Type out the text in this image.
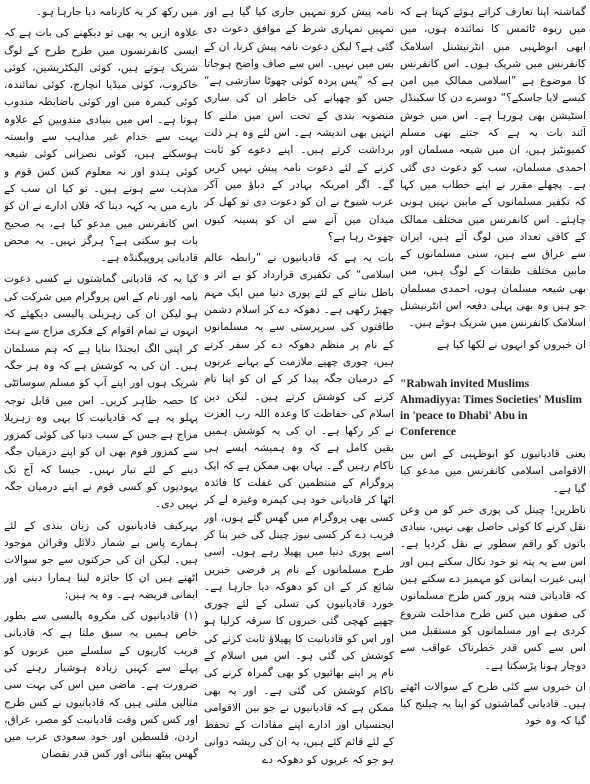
گماشتہ اپنا تعارف کراتے ہوئے کہتا ہے کہ میں ربوہ ٹائمس کا نمائندہ ہوں، میں ابھی ابوظہبی میں انٹرنیشنل اسلامک کانفرنس میں شریک ہوں۔ اس کانفرنس کا موضوع ہے ”اسلامی ممالک میں امن کیسے لایا جاسکے؟“ دوسرے دن کا سکینڈل اسٹیشن بھی ہورہا ہے۔ اس میں خوش آئند بات یہ ہے کہ جتنے بھی مسلم کمیونٹیز ہیں، ان میں شیعہ مسلمان اور احمدی مسلمان، سب کو دعوت دی گئی ہے۔ پچھلے مقرر نے اپنے خطاب میں کہا کہ تکفیر مسلمانوں کے مابین نہیں ہونی چاہئے۔ اس کانفرنس میں مختلف ممالک کے کافی تعداد میں لوگ آئے ہیں، ایران سے عراق سے ہیں، سنی مسلمانوں کے مابین مختلف طبقات کے لوگ ہیں، میں بھی شیعہ مسلمان ہوں، احمدی مسلمان جو ہیں وہ بھی پہلی دفعہ اس انٹرنیشنل اسلامک کانفرنس میں شریک ہوئے ہیں۔

ان خبروں کو انہوں نے لکھا کیا ہے

"Rabwah invited Muslims Ahmadiyya: Times Societies' Muslim in 'peace to Dhabi' Abu in Conference

یعنی قادیانیوں کو ابوظہبی کے اس بین الاقوامی اسلامی کانفرنس میں مدعو کیا گیا ہے۔

ناظرین! چینل کی پوری خبر کو من وعن نقل کرنے کا کوئی حاصل بھی نہیں، بنیادی باتوں کو راقم سطور نے نقل کردیا ہے۔ اس سے یہ پتہ تو خود نکال سکتے ہیں اور اپنی غیرت ایمانی کو مہمیز دے سکتے ہیں کہ قادیانی فتنہ پرور کس طرح مسلمانوں کی صفوں میں کس طرح مداخلت شروع کردی ہے اور مسلمانوں کو مستقبل میں اس سے کس قدر خطرناک عواقب سے دوچار ہونا پڑسکتا ہے۔

ان خبروں سے کئی طرح کے سوالات اٹھتے ہیں۔ قادیانی گماشتوں کو اپنا یہ چیلنج کیا گیا کہ وہ خود

نامہ پیش کرو تمہیں جاری کیا گیا ہے اور تمہیں تمہاری شرط کے موافق دعوت دی گئی ہے؟ لیکن دعوت نامہ پیش کرنا، ان کے بس میں نہیں۔ اس سے صاف واضح ہوجاتا ہے کہ ”پس پردہ کوئی چھوٹا سازشی ہے“ جس کو چھپانے کی خاطر ان کی ساری منصوبہ بندی کے تحت اس میں ملنے کا انہیں بھی اندیشہ ہے۔ اس لئے وہ ہر ذلت برداشت کرتے ہیں۔ اپنے دعوے کو ثابت کرنے کے لئے دعوت نامہ پیش نہیں کریں گے۔ اگر امریکہ بہادر کے دباؤ میں آکر عرب شیوخ نے ان کو دعوت دی تو کھل کر میدان میں آنے سے ان کو پسینہ کیوں چھوٹ رہا ہے؟

بات یہ ہے کہ قادیانیوں نے ”رابطہ عالم اسلامی“ کی تکفیری قرارداد کو بے اثر و باطل بنانے کے لئے پوری دنیا میں ایک مہم چھیڑ رکھی ہے۔ دھوکہ دے کر اسلام دشمن طاقتوں کی سرپرستی سے یہ مسلمانوں کے نام پر منظم دھوکہ دے کر سفر کرتے ہیں، چوری چھپے ملازمت کے بہانے عربوں کے درمیان جگہ پیدا کر کے ان کو اپنا تام کرنے کی کوشش کرتے ہیں۔ لیکن دین اسلام کی حفاظت کا وعدہ اللہ رب العزت نے کر رکھا ہے۔ ان کی یہ کوشش ہمیں یقین کامل ہے کہ وہ ہمیشہ ایسے ہی ناکام رہیں گے۔ یہاں بھی ممکن ہے کہ ایک پروگرام کے منتظمین کی غفلت کا فائدہ اٹھا کر قادیانی خود ہی کیمرہ وغیرہ لے کر کسی بھی پروگرام میں گھس گئے ہوں، اور فریب دے کر کسی نیوز چینل کی خبر بنا کر اسے پوری دنیا میں پھیلا رہے ہوں۔ اسی طرح مسلمانوں کے نام پر فرضی خبریں شائع کر کے ان کو دھوکہ دیا جارہا ہے۔ خورد قادیانیوں کی تسلی کے لئے چوری چھپے کھچی گئی خبروں کا سرقہ کرلیا ہو اور اس کو قادیانیت کا پھیلاؤ ثابت کرنے کی کوشش کی گئی ہو۔ اس میں اسلام کے نام پر اپنے بھائیوں کو بھی گمراہ کرنے کی ناکام کوشش کی گئی ہے۔ اور یہ بھی ممکن ہے کہ قادیانیوں نے جو بین الاقوامی ایجنسیاں اور ادارے اپنے مفادات کے تحفظ کے لئے قائم کئے ہیں، یہ ان کی ریشہ دوانی ہو جو کہ عربوں کو دھوکہ دے

میں رکھ کر یہ کارنامہ دیا جارہا ہو۔

علاوہ ازیں یہ بھی تو دیکھنے کی بات ہے کہ ایسی کانفرنسوں میں طرح طرح کے لوگ شریک ہوتے ہیں، کوئی الیکٹریشین، کوئی خاکروب، کوئی میڈیا انچارج، کوئی نمائندہ، کوئی کیمرہ مین اور کوئی باضابطہ مندوب ہوتا ہے۔ اس میں بنیادی مندوبین کے علاوہ بہت سے خدام غیر مذاہب سے وابستہ ہوسکتے ہیں، کوئی نصرانی کوئی شیعہ کوئی ہندو اور نہ معلوم کس کس قوم و مذہب سے ہوتے ہیں۔ تو کیا ان سب کے بارے میں یہ کہہ دینا کہ فلاں ادارے نے ان کو اس کانفرنس میں مدعو کیا ہے، یہ صحیح بات ہو سکتی ہے؟ ہرگز نہیں۔ یہ محض قادیانی پروپیگنڈہ ہے۔

کیا یہ کہ قادیانی گماشتوں نے کسی دعوت نامہ اور نام کے اس پروگرام میں شرکت کی ہو لیکن ان کی زہریلی پالیسی دیکھئے کہ انہوں نے تمام اقوام کے فکری مزاج سے ہٹ کر اپنی الگ ایجنڈا بنایا ہے کہ ہم مسلمان ہیں۔ ان کی یہ کوشش ہے کہ وہ ہر جگہ شریک ہوں اور اپنے آپ کو مسلم سوسائٹی کا حصہ ظاہر کریں۔ اس میں قابل توجہ پہلو یہ ہے کہ قادیانیت کا یہی وہ زہریلا مزاج ہے جس کے سبب دنیا کی کوئی کمزور سے کمزور قوم بھی ان کو اپنے درمیان جگہ دینے کے لئے تیار نہیں۔ جیسا کہ آج تک یہودیوں کو کسی قوم نے اپنے درمیان جگہ نہیں دی۔

بہرکیف قادیانیوں کی زبان بندی کے لئے ہمارے پاس بے شمار دلائل وقرائن موجود ہیں۔ لیکن ان کی حرکتوں سے جو سوالات اٹھتے ہیں ان کا جائزہ لینا ہمارا دینی اور ایمانی فریضہ ہے۔ وہ یہ ہیں:

(۱) قادیانیوں کی مکروہ پالیسی سے بطور خاص ہمیں یہ سبق ملتا ہے کہ قادیانی فریب کاریوں کے سلسلے میں عربوں کو پہلے سے کہیں زیادہ ہوشیار رہنے کی ضرورت ہے۔ ماضی میں اس کی بہت سی مثالیں ملتی ہیں کہ قادیانیوں نے کس طرح اور کس کس وقت قادیانیت کو مصر، عراق، اردن، فلسطین اور خود سعودی عرب میں گھس پیٹھ بنائی اور کس قدر نقصان
